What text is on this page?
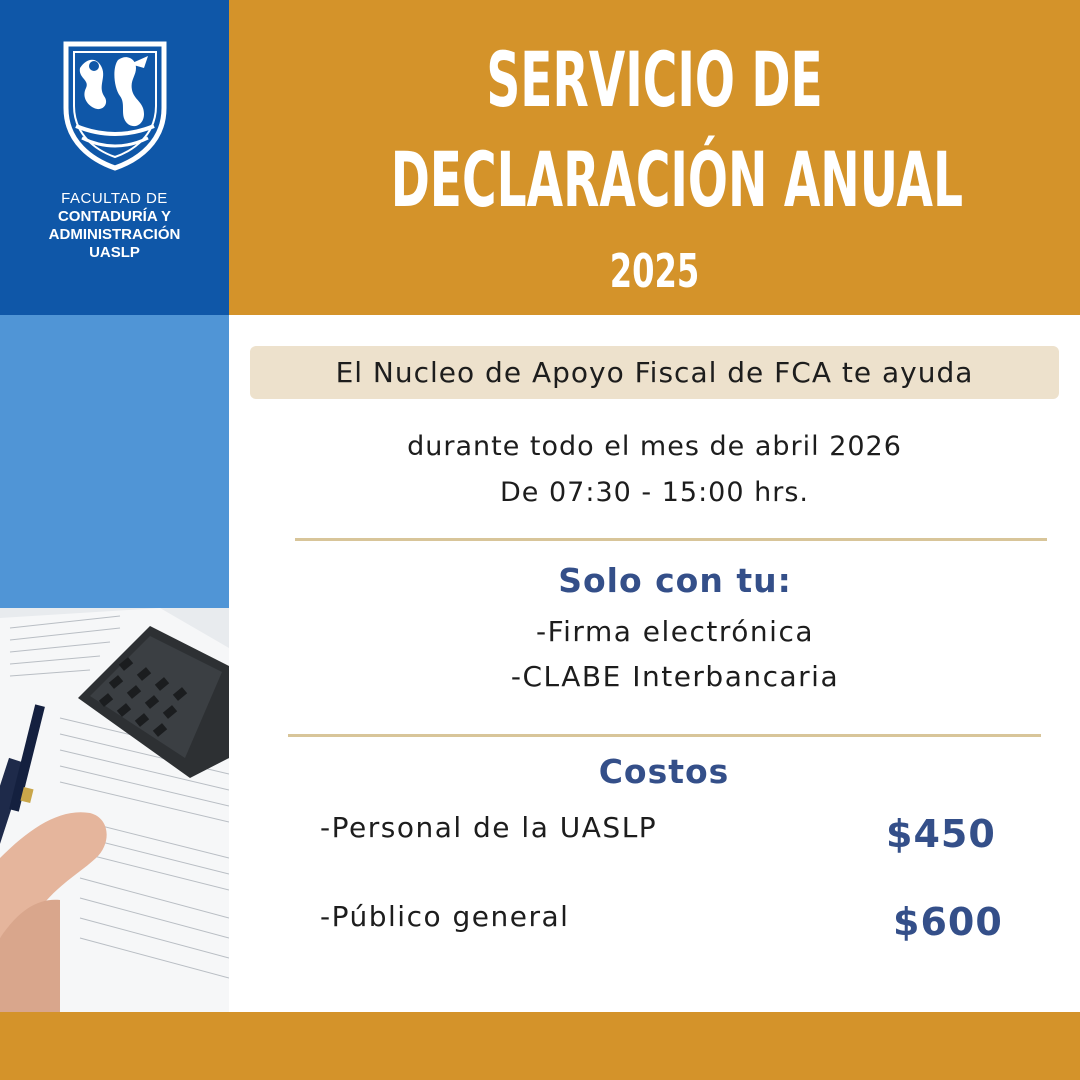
FACULTAD DE
CONTADURÍA Y
ADMINISTRACIÓN
UASLP
SERVICIO DE
DECLARACIÓN ANUAL
2025
El Nucleo de Apoyo Fiscal de FCA te ayuda
durante todo el mes de abril 2026
De 07:30 - 15:00 hrs.
Solo con tu:
-Firma electrónica
-CLABE Interbancaria
Costos
-Personal de la UASLP	$450
-Público general	$600
